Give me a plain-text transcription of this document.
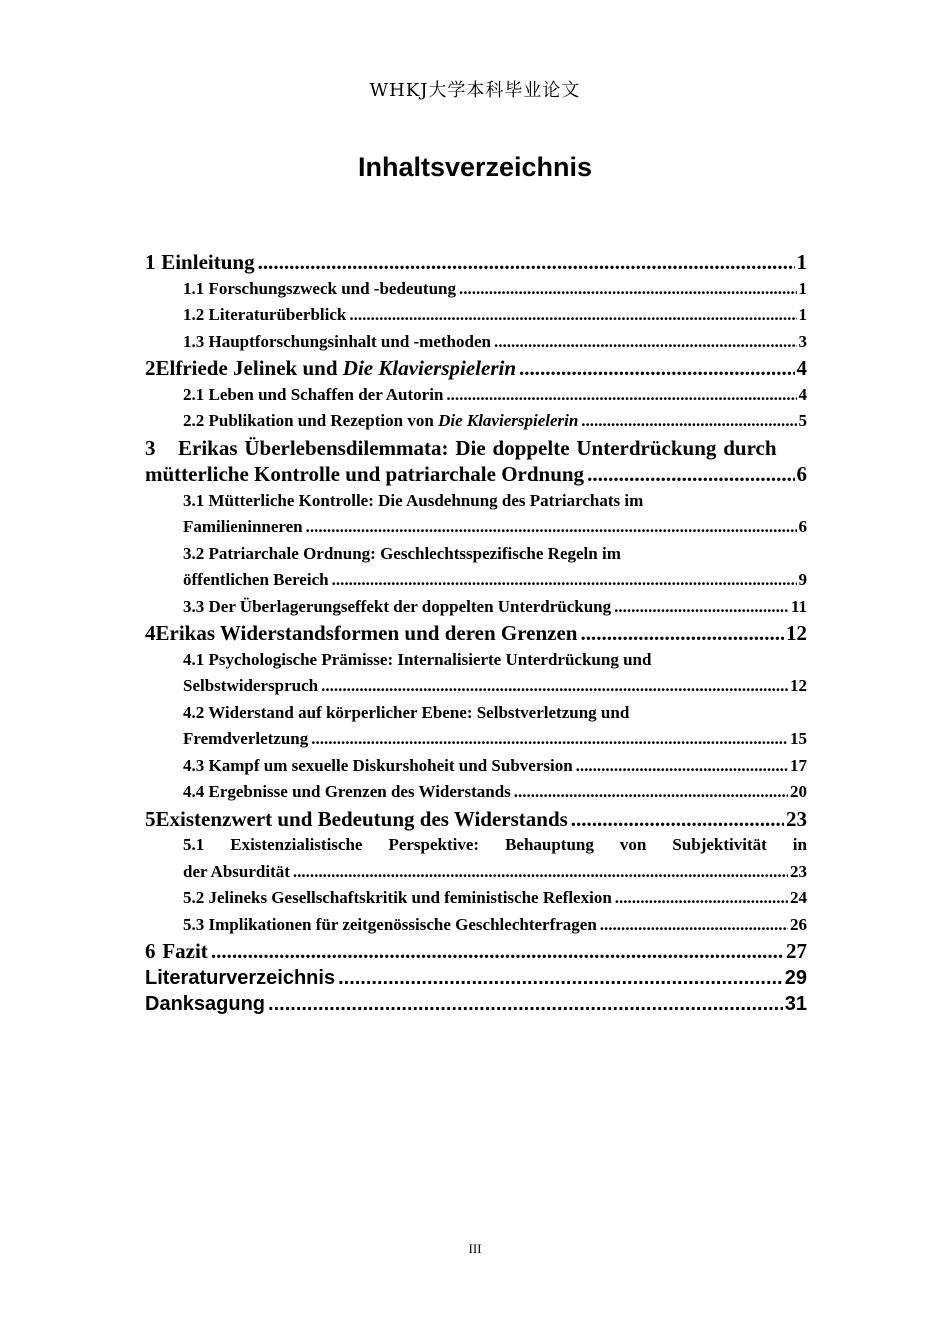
WHKJ大学本科毕业论文
Inhaltsverzeichnis
1 Einleitung .....	1
1.1 Forschungszweck und -bedeutung .....	1
1.2 Literaturüberblick .....	1
1.3 Hauptforschungsinhalt und -methoden .....	3
2 Elfriede Jelinek und Die Klavierspielerin .....	4
2.1 Leben und Schaffen der Autorin .....	4
2.2 Publikation und Rezeption von Die Klavierspielerin .....	5
3 Erikas Überlebensdilemmata: Die doppelte Unterdrückung durch
mütterliche Kontrolle und patriarchale Ordnung .....	6
3.1 Mütterliche Kontrolle: Die Ausdehnung des Patriarchats im
Familieninneren .....	6
3.2 Patriarchale Ordnung: Geschlechtsspezifische Regeln im
öffentlichen Bereich .....	9
3.3 Der Überlagerungseffekt der doppelten Unterdrückung .....	11
4 Erikas Widerstandsformen und deren Grenzen .....	12
4.1 Psychologische Prämisse: Internalisierte Unterdrückung und
Selbstwiderspruch .....	12
4.2 Widerstand auf körperlicher Ebene: Selbstverletzung und
Fremdverletzung .....	15
4.3 Kampf um sexuelle Diskurshoheit und Subversion .....	17
4.4 Ergebnisse und Grenzen des Widerstands .....	20
5 Existenzwert und Bedeutung des Widerstands .....	23
5.1 Existenzialistische Perspektive: Behauptung von Subjektivität in
der Absurdität .....	23
5.2 Jelineks Gesellschaftskritik und feministische Reflexion .....	24
5.3 Implikationen für zeitgenössische Geschlechterfragen .....	26
6 Fazit .....	27
Literaturverzeichnis .....	29
Danksagung .....	31
III
